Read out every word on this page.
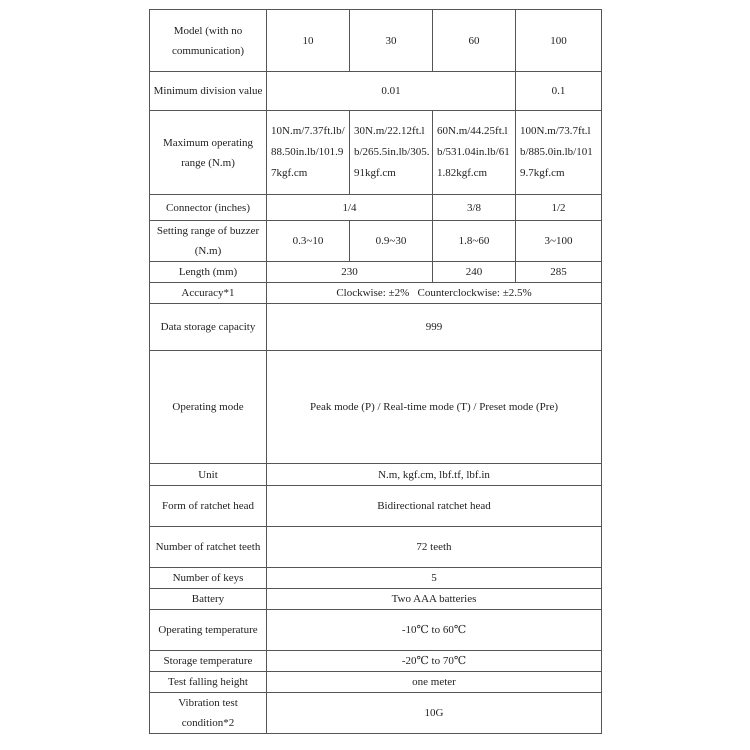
Model (with no communication)	10	30	60	100
Minimum division value	0.01			0.1
Maximum operating range (N.m)	10N.m/7.37ft.lb/88.50in.lb/101.97kgf.cm	30N.m/22.12ft.lb/265.5in.lb/305.91kgf.cm	60N.m/44.25ft.lb/531.04in.lb/611.82kgf.cm	100N.m/73.7ft.lb/885.0in.lb/1019.7kgf.cm
Connector (inches)	1/4		3/8	1/2
Setting range of buzzer (N.m)	0.3~10	0.9~30	1.8~60	3~100
Length (mm)	230		240	285
Accuracy*1	Clockwise: ±2%   Counterclockwise: ±2.5%			
Data storage capacity	999			
Operating mode	Peak mode (P) / Real-time mode (T) / Preset mode (Pre)			
Unit	N.m, kgf.cm, lbf.tf, lbf.in			
Form of ratchet head	Bidirectional ratchet head			
Number of ratchet teeth	72 teeth			
Number of keys	5			
Battery	Two AAA batteries			
Operating temperature	-10℃ to 60℃			
Storage temperature	-20℃ to 70℃			
Test falling height	one meter			
Vibration test condition*2	10G			
